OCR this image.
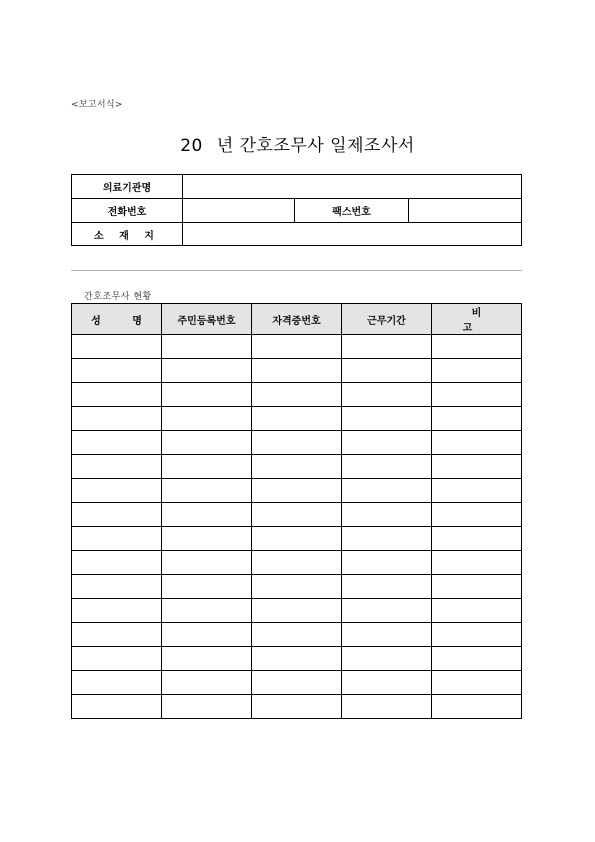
<보고서식>
20 년 간호조무사 일제조사서
의료기관명
전화번호	팩스번호
소 재 지
간호조무사 현황
성 명	주민등록번호	자격증번호	근무기간	비 고
